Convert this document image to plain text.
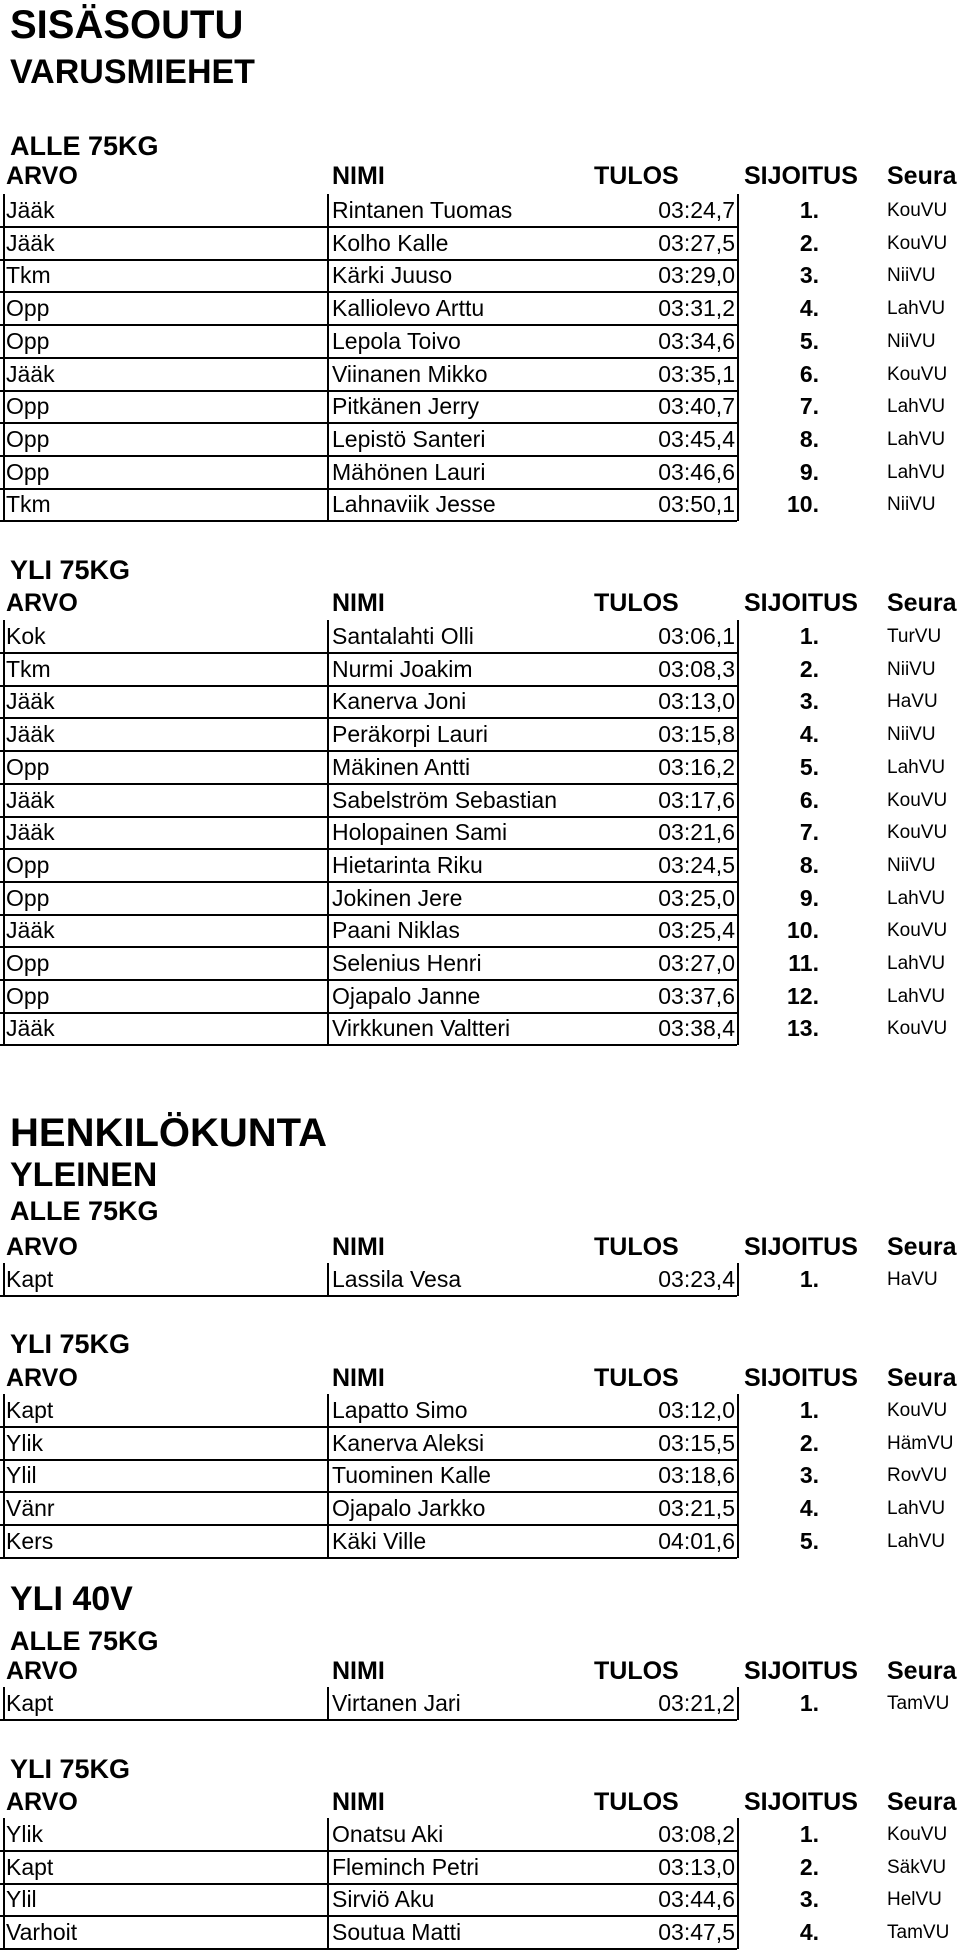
SISÄSOUTU
VARUSMIEHET
ALLE 75KG
ARVO	NIMI	TULOS	SIJOITUS Seura
Jääk	Rintanen Tuomas	03:24,7	1.	KouVU
Jääk	Kolho Kalle	03:27,5	2.	KouVU
Tkm	Kärki Juuso	03:29,0	3.	NiiVU
Opp	Kalliolevo Arttu	03:31,2	4.	LahVU
Opp	Lepola Toivo	03:34,6	5.	NiiVU
Jääk	Viinanen Mikko	03:35,1	6.	KouVU
Opp	Pitkänen Jerry	03:40,7	7.	LahVU
Opp	Lepistö Santeri	03:45,4	8.	LahVU
Opp	Mähönen Lauri	03:46,6	9.	LahVU
Tkm	Lahnaviik Jesse	03:50,1 10.	NiiVU
YLI 75KG
ARVO	NIMI	TULOS	SIJOITUS Seura
Kok	Santalahti Olli	03:06,1	1.	TurVU
Tkm	Nurmi Joakim	03:08,3	2.	NiiVU
Jääk	Kanerva Joni	03:13,0	3.	HaVU
Jääk	Peräkorpi Lauri	03:15,8	4.	NiiVU
Opp	Mäkinen Antti	03:16,2	5.	LahVU
Jääk	Sabelström Sebastian	03:17,6	6.	KouVU
Jääk	Holopainen Sami	03:21,6	7.	KouVU
Opp	Hietarinta Riku	03:24,5	8.	NiiVU
Opp	Jokinen Jere	03:25,0	9.	LahVU
Jääk	Paani Niklas	03:25,4 10.	KouVU
Opp	Selenius Henri	03:27,0 11.	LahVU
Opp	Ojapalo Janne	03:37,6 12.	LahVU
Jääk	Virkkunen Valtteri	03:38,4 13.	KouVU
HENKILÖKUNTA
YLEINEN
ALLE 75KG
ARVO	NIMI	TULOS	SIJOITUS Seura
Kapt	Lassila Vesa	03:23,4	1.	HaVU
YLI 75KG
ARVO	NIMI	TULOS	SIJOITUS Seura
Kapt	Lapatto Simo	03:12,0	1.	KouVU
Ylik	Kanerva Aleksi	03:15,5	2.	HämVU
Ylil	Tuominen Kalle	03:18,6	3.	RovVU
Vänr	Ojapalo Jarkko	03:21,5	4.	LahVU
Kers	Käki Ville	04:01,6	5.	LahVU
YLI 40V
ALLE 75KG
ARVO	NIMI	TULOS	SIJOITUS Seura
Kapt	Virtanen Jari	03:21,2	1.	TamVU
YLI 75KG
ARVO	NIMI	TULOS	SIJOITUS Seura
Ylik	Onatsu Aki	03:08,2	1.	KouVU
Kapt	Fleminch Petri	03:13,0	2.	SäkVU
Ylil	Sirviö Aku	03:44,6	3.	HelVU
Varhoit	Soutua Matti	03:47,5	4.	TamVU
